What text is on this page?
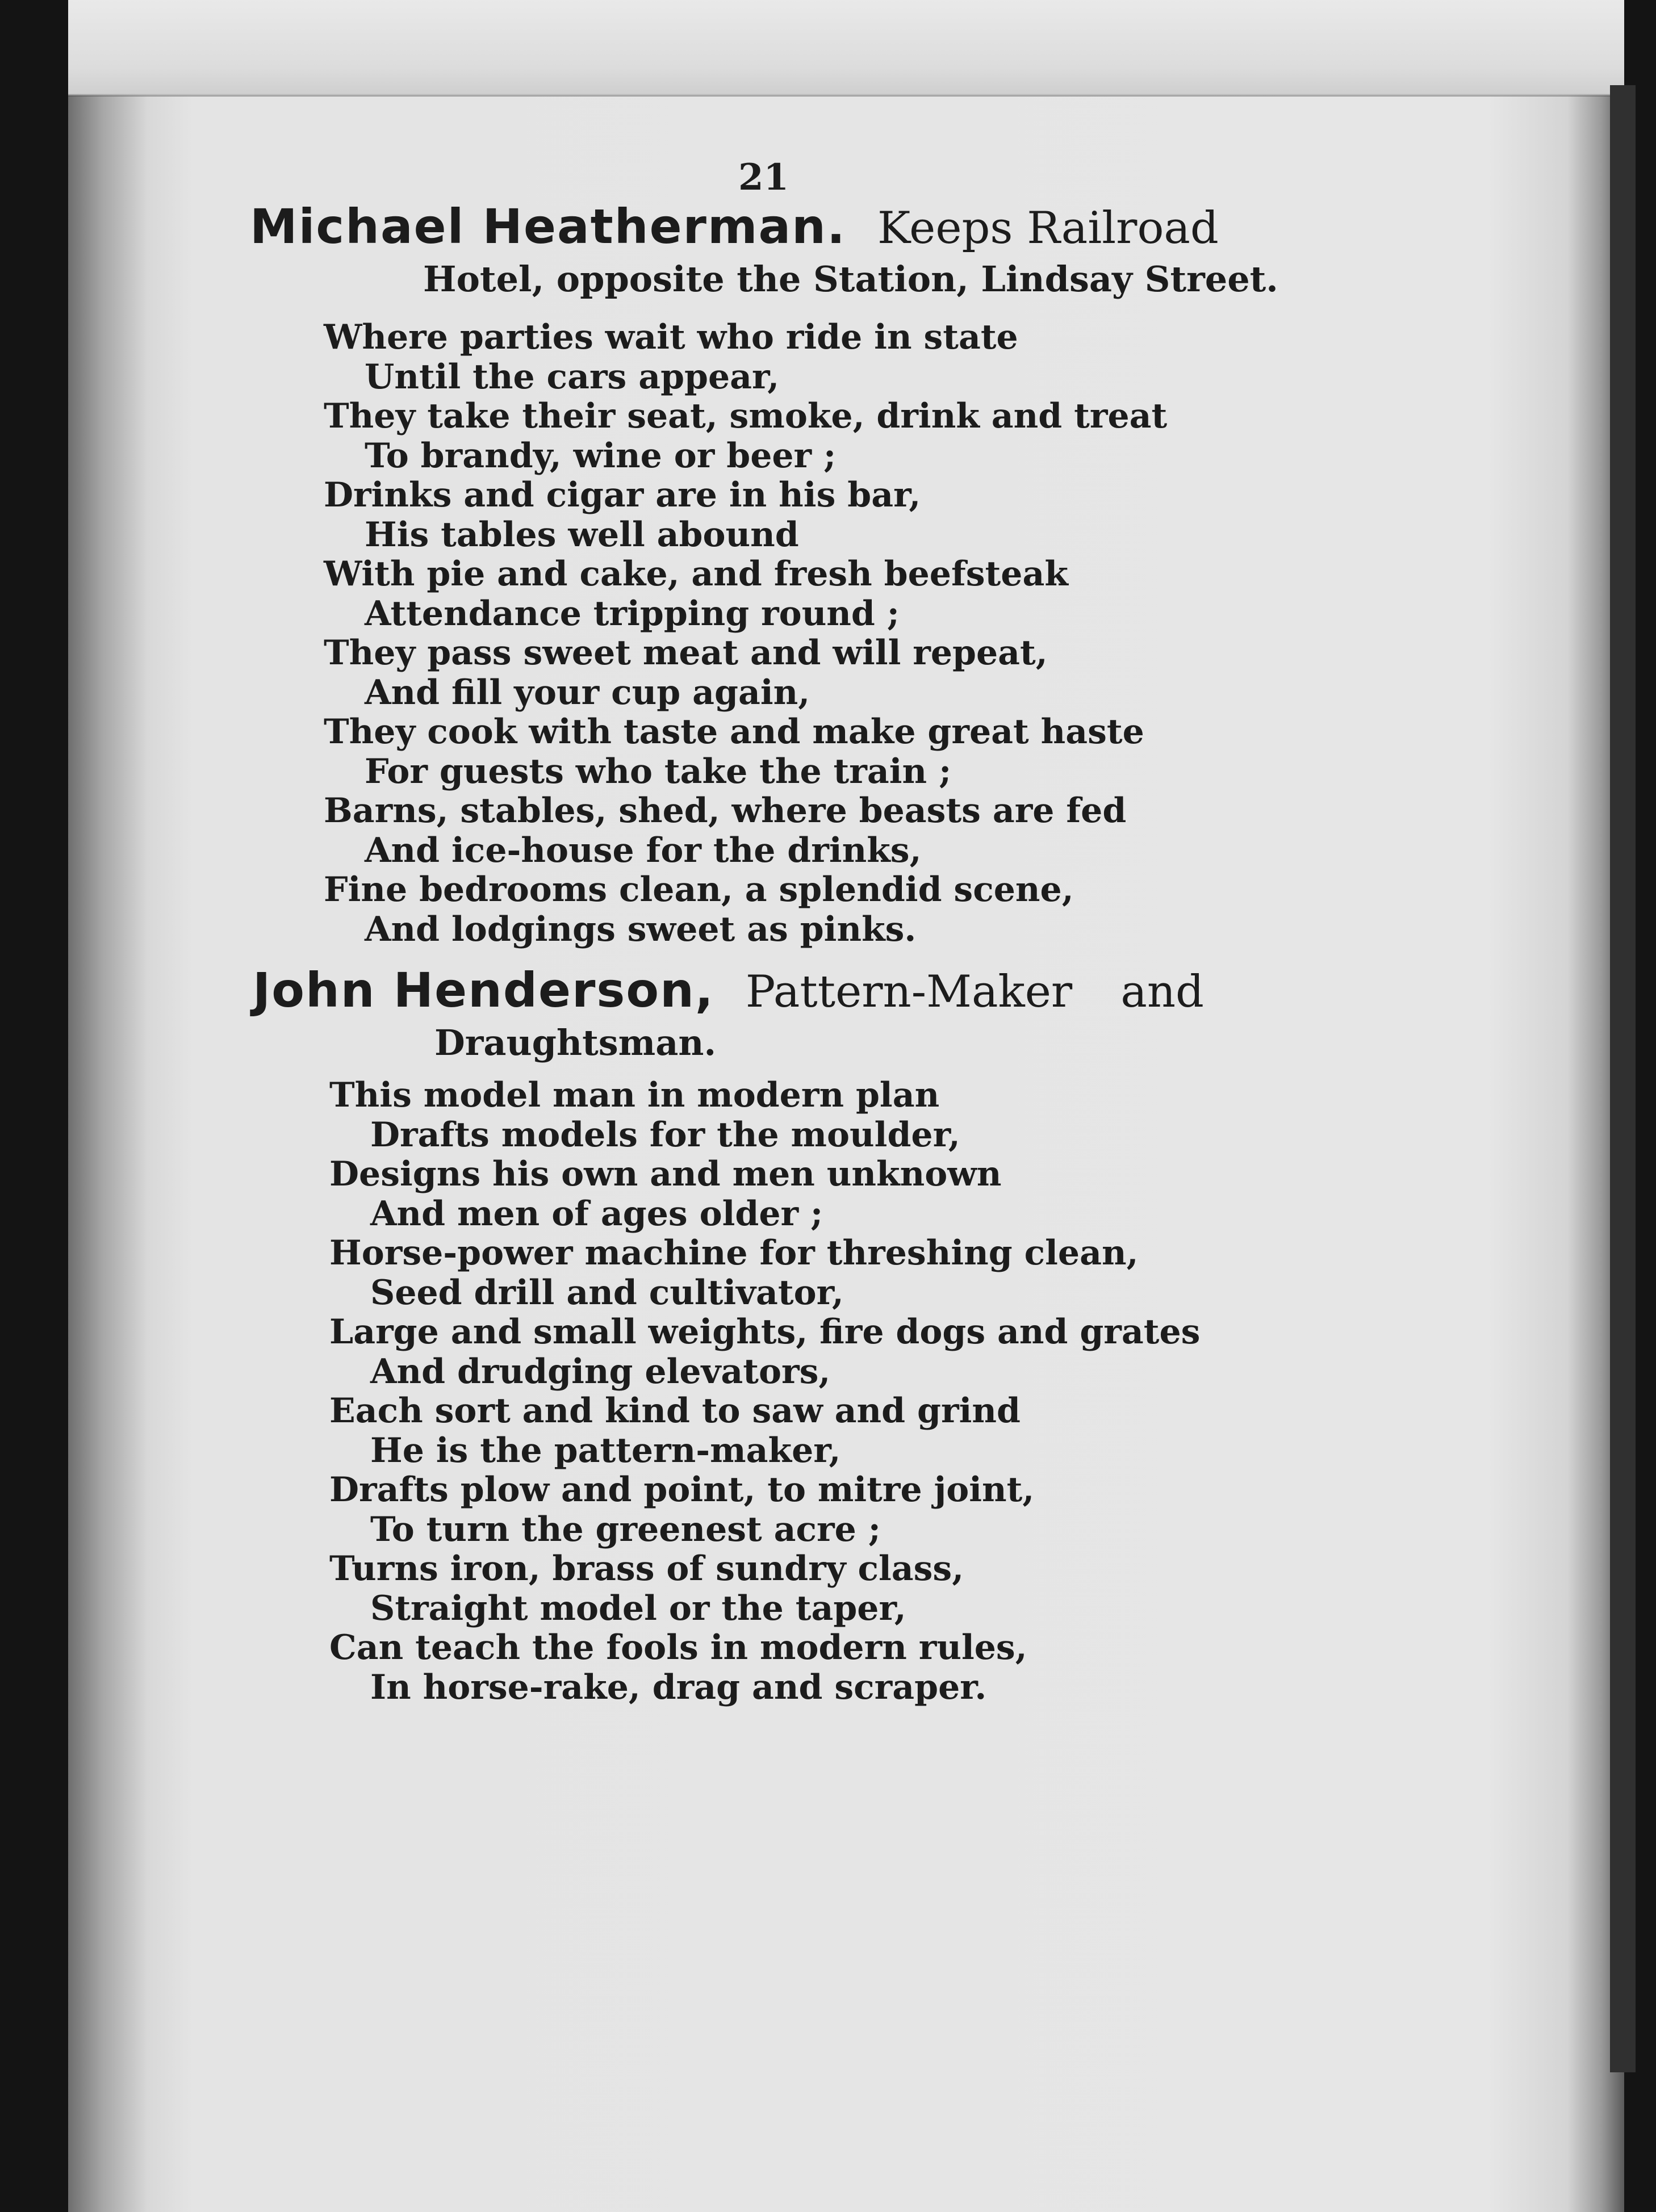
21
Michael Heatherman. Keeps Railroad
Hotel, opposite the Station, Lindsay Street.
Where parties wait who ride in state
Until the cars appear,
They take their seat, smoke, drink and treat
To brandy, wine or beer ;
Drinks and cigar are in his bar,
His tables well abound
With pie and cake, and fresh beefsteak
Attendance tripping round ;
They pass sweet meat and will repeat,
And fill your cup again,
They cook with taste and make great haste
For guests who take the train ;
Barns, stables, shed, where beasts are fed
And ice-house for the drinks,
Fine bedrooms clean, a splendid scene,
And lodgings sweet as pinks.
John Henderson, Pattern-Maker and
Draughtsman.
This model man in modern plan
Drafts models for the moulder,
Designs his own and men unknown
And men of ages older ;
Horse-power machine for threshing clean,
Seed drill and cultivator,
Large and small weights, fire dogs and grates
And drudging elevators,
Each sort and kind to saw and grind
He is the pattern-maker,
Drafts plow and point, to mitre joint,
To turn the greenest acre ;
Turns iron, brass of sundry class,
Straight model or the taper,
Can teach the fools in modern rules,
In horse-rake, drag and scraper.
